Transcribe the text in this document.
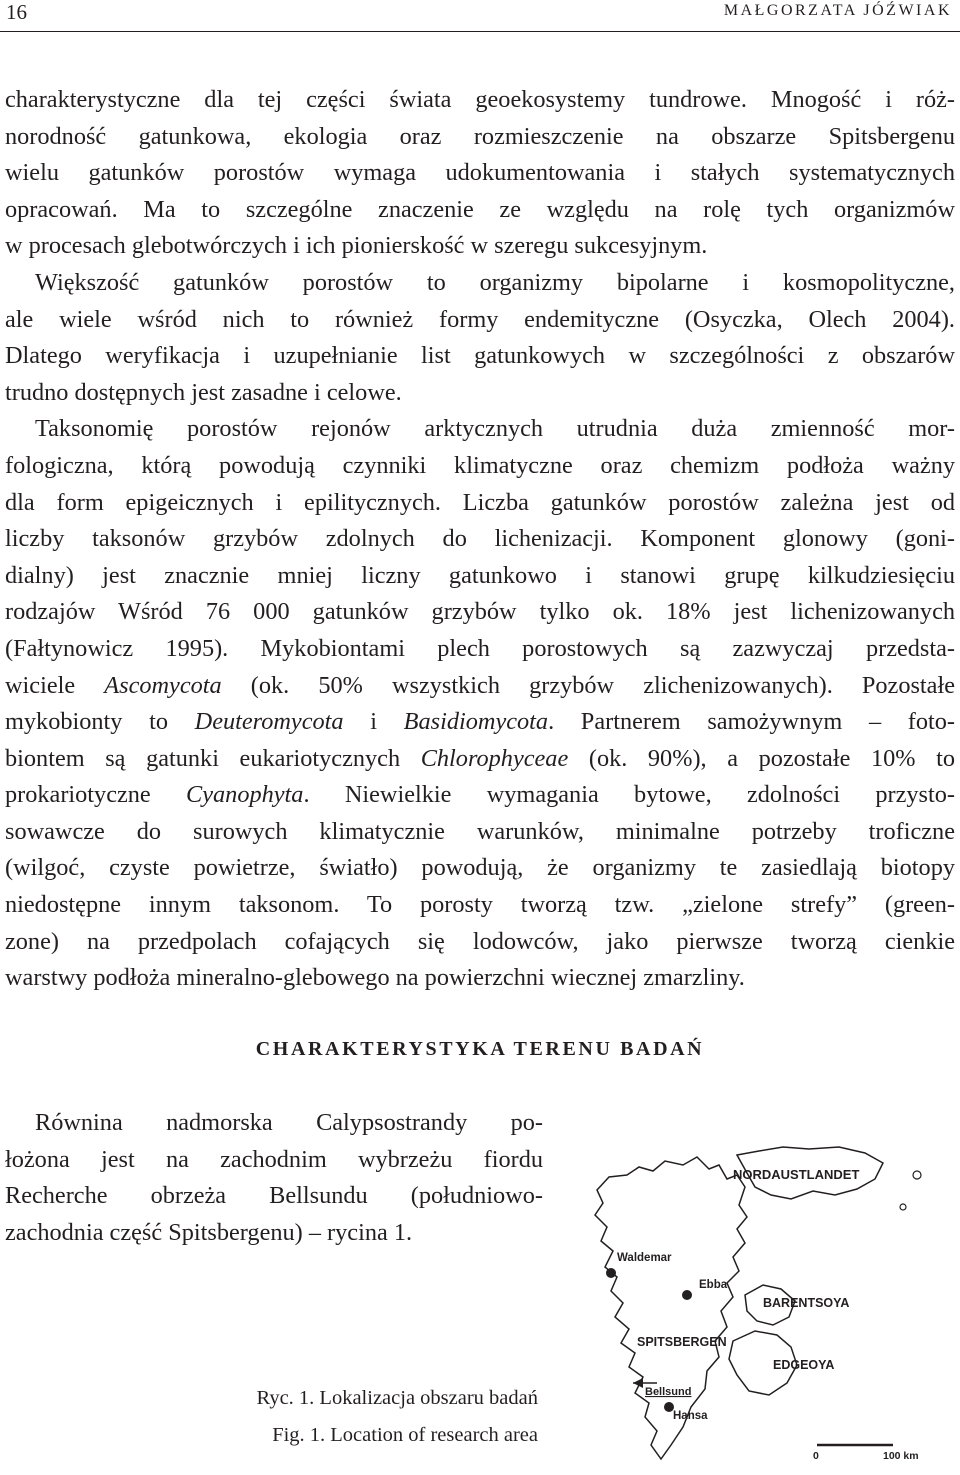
16	MAŁGORZATA JÓŹWIAK
charakterystyczne dla tej części świata geoekosystemy tundrowe. Mnogość i róż-
norodność gatunkowa, ekologia oraz rozmieszczenie na obszarze Spitsbergenu
wielu gatunków porostów wymaga udokumentowania i stałych systematycznych
opracowań. Ma to szczególne znaczenie ze względu na rolę tych organizmów
w procesach glebotwórczych i ich pionierskość w szeregu sukcesyjnym.
Większość gatunków porostów to organizmy bipolarne i kosmopolityczne,
ale wiele wśród nich to również formy endemityczne (Osyczka, Olech 2004).
Dlatego weryfikacja i uzupełnianie list gatunkowych w szczególności z obszarów
trudno dostępnych jest zasadne i celowe.
Taksonomię porostów rejonów arktycznych utrudnia duża zmienność mor-
fologiczna, którą powodują czynniki klimatyczne oraz chemizm podłoża ważny
dla form epigeicznych i epilitycznych. Liczba gatunków porostów zależna jest od
liczby taksonów grzybów zdolnych do lichenizacji. Komponent glonowy (goni-
dialny) jest znacznie mniej liczny gatunkowo i stanowi grupę kilkudziesięciu
rodzajów Wśród 76 000 gatunków grzybów tylko ok. 18% jest lichenizowanych
(Fałtynowicz 1995). Mykobiontami plech porostowych są zazwyczaj przedsta-
wiciele Ascomycota (ok. 50% wszystkich grzybów zlichenizowanych). Pozostałe
mykobionty to Deuteromycota i Basidiomycota. Partnerem samożywnym – foto-
biontem są gatunki eukariotycznych Chlorophyceae (ok. 90%), a pozostałe 10% to
prokariotyczne Cyanophyta. Niewielkie wymagania bytowe, zdolności przysto-
sowawcze do surowych klimatycznie warunków, minimalne potrzeby troficzne
(wilgoć, czyste powietrze, światło) powodują, że organizmy te zasiedlają biotopy
niedostępne innym taksonom. To porosty tworzą tzw. „zielone strefy” (green-
zone) na przedpolach cofających się lodowców, jako pierwsze tworzą cienkie
warstwy podłoża mineralno-glebowego na powierzchni wiecznej zmarzliny.
CHARAKTERYSTYKA TERENU BADAŃ
Równina nadmorska Calypsostrandy po-
łożona jest na zachodnim wybrzeżu fiordu
Recherche obrzeża Bellsundu (południowo-
zachodnia część Spitsbergenu) – rycina 1.
Ryc. 1. Lokalizacja obszaru badań
Fig. 1. Location of research area
NORDAUSTLANDET
Waldemar
Ebba
BARENTSOYA
SPITSBERGEN
EDGEOYA
Bellsund
Hansa
0	100 km
